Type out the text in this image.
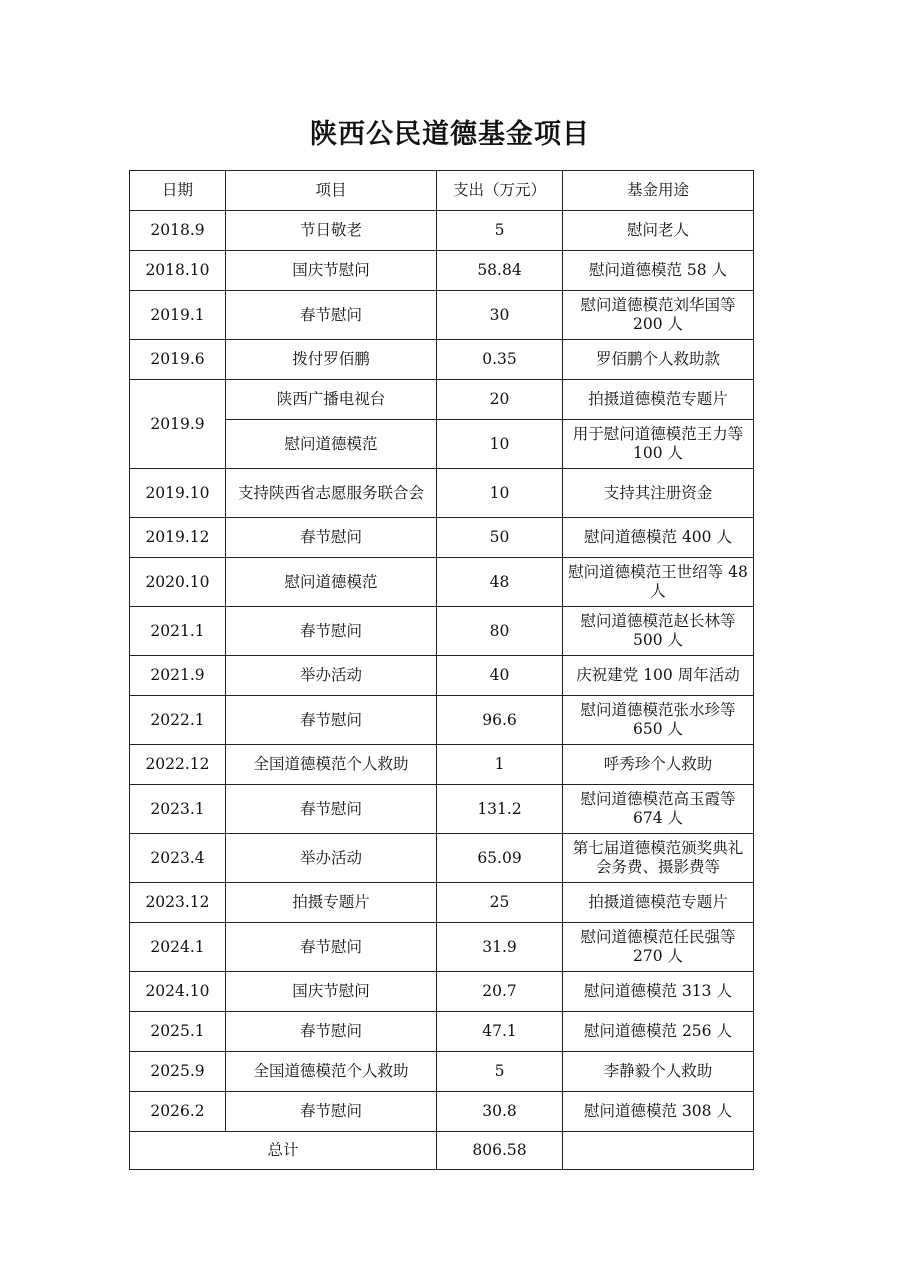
陕西公民道德基金项目
日期	项目	支出（万元）	基金用途
2018.9	节日敬老	5	慰问老人
2018.10	国庆节慰问	58.84	慰问道德模范 58 人
2019.1	春节慰问	30	慰问道德模范刘华国等 200 人
2019.6	拨付罗佰鹏	0.35	罗佰鹏个人救助款
2019.9	陕西广播电视台	20	拍摄道德模范专题片
	慰问道德模范	10	用于慰问道德模范王力等 100 人
2019.10	支持陕西省志愿服务联合会	10	支持其注册资金
2019.12	春节慰问	50	慰问道德模范 400 人
2020.10	慰问道德模范	48	慰问道德模范王世绍等 48 人
2021.1	春节慰问	80	慰问道德模范赵长林等 500 人
2021.9	举办活动	40	庆祝建党 100 周年活动
2022.1	春节慰问	96.6	慰问道德模范张水珍等 650 人
2022.12	全国道德模范个人救助	1	呼秀珍个人救助
2023.1	春节慰问	131.2	慰问道德模范高玉霞等 674 人
2023.4	举办活动	65.09	第七届道德模范颁奖典礼会务费、摄影费等
2023.12	拍摄专题片	25	拍摄道德模范专题片
2024.1	春节慰问	31.9	慰问道德模范任民强等 270 人
2024.10	国庆节慰问	20.7	慰问道德模范 313 人
2025.1	春节慰问	47.1	慰问道德模范 256 人
2025.9	全国道德模范个人救助	5	李静毅个人救助
2026.2	春节慰问	30.8	慰问道德模范 308 人
总计		806.58	
